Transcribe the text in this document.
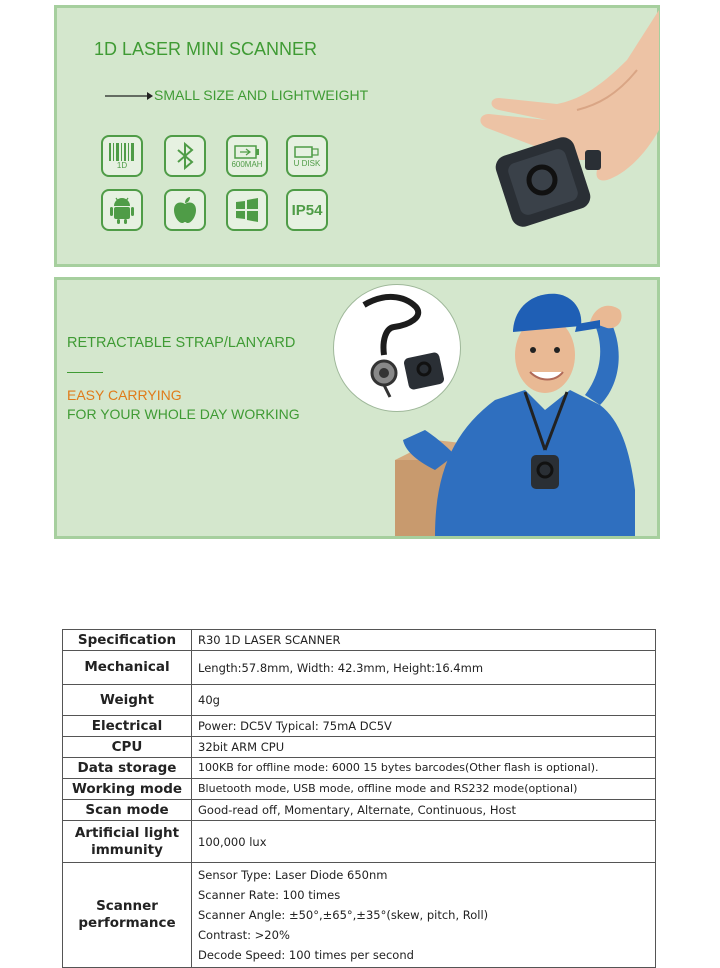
1D LASER MINI SCANNER
SMALL SIZE AND LIGHTWEIGHT
1D	600MAH	U DISK
IP54
RETRACTABLE STRAP/LANYARD
EASY CARRYING
FOR YOUR WHOLE DAY WORKING
Specification	R30 1D LASER SCANNER
Mechanical	Length:57.8mm, Width: 42.3mm, Height:16.4mm
Weight	40g
Electrical	Power: DC5V Typical: 75mA DC5V
CPU	32bit ARM CPU
Data storage	100KB for offline mode: 6000 15 bytes barcodes(Other flash is optional).
Working mode	Bluetooth mode, USB mode, offline mode and RS232 mode(optional)
Scan mode	Good-read off, Momentary, Alternate, Continuous, Host
Artificial light immunity	100,000 lux
Scanner performance	Sensor Type: Laser Diode 650nm
Scanner Rate: 100 times
Scanner Angle: ±50°,±65°,±35°(skew, pitch, Roll)
Contrast: >20%
Decode Speed: 100 times per second
